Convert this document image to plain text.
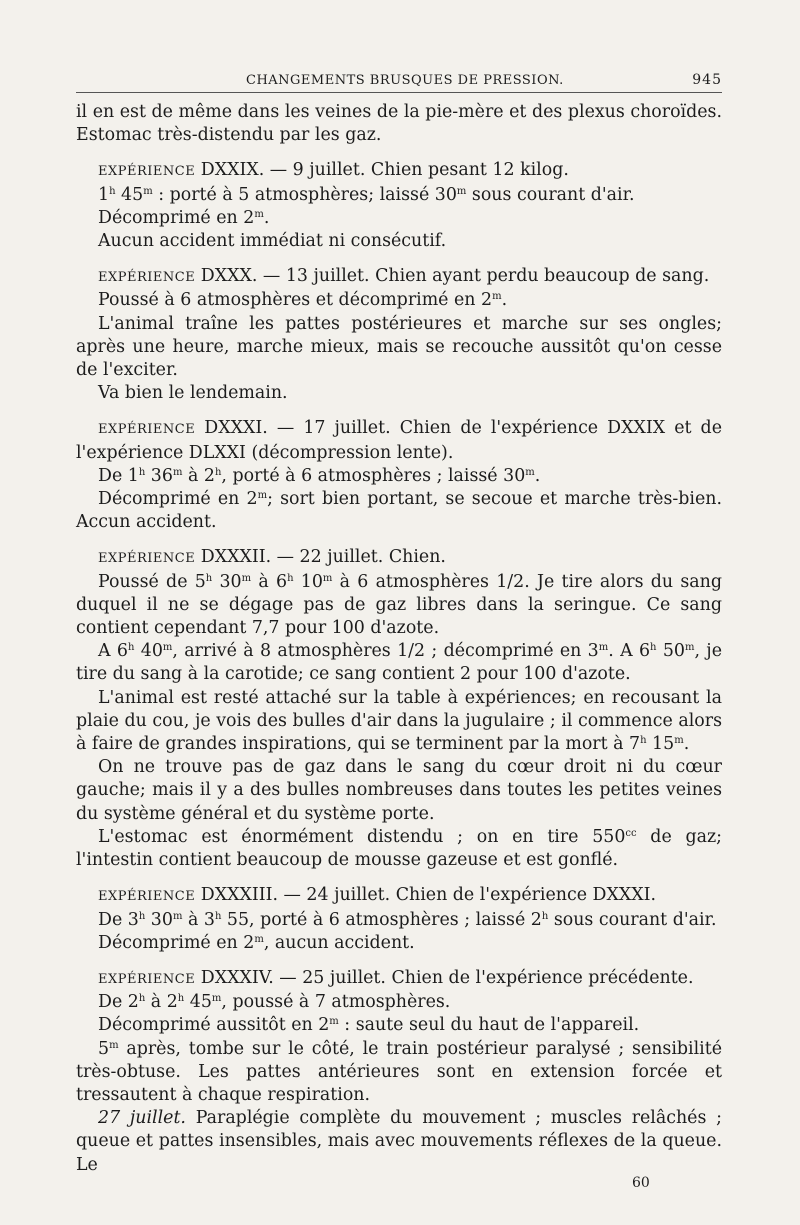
CHANGEMENTS BRUSQUES DE PRESSION.	945

il en est de même dans les veines de la pie-mère et des plexus choroïdes. Estomac très-distendu par les gaz.

EXPÉRIENCE DXXIX. — 9 juillet. Chien pesant 12 kilog.

1$^h$ 45$^m$ : porté à 5 atmosphères; laissé 30$^m$ sous courant d'air.

Décomprimé en 2$^m$.

Aucun accident immédiat ni consécutif.

EXPÉRIENCE DXXX. — 13 juillet. Chien ayant perdu beaucoup de sang.

Poussé à 6 atmosphères et décomprimé en 2$^m$.

L'animal traîne les pattes postérieures et marche sur ses ongles; après une heure, marche mieux, mais se recouche aussitôt qu'on cesse de l'exciter.

Va bien le lendemain.

EXPÉRIENCE DXXXI. — 17 juillet. Chien de l'expérience DXXIX et de l'expérience DLXXI (décompression lente).

De 1$^h$ 36$^m$ à 2$^h$, porté à 6 atmosphères ; laissé 30$^m$.

Décomprimé en 2$^m$; sort bien portant, se secoue et marche très-bien. Accun accident.

EXPÉRIENCE DXXXII. — 22 juillet. Chien.

Poussé de 5$^h$ 30$^m$ à 6$^h$ 10$^m$ à 6 atmosphères 1/2. Je tire alors du sang duquel il ne se dégage pas de gaz libres dans la seringue. Ce sang contient cependant 7,7 pour 100 d'azote.

A 6$^h$ 40$^m$, arrivé à 8 atmosphères 1/2 ; décomprimé en 3$^m$. A 6$^h$ 50$^m$, je tire du sang à la carotide; ce sang contient 2 pour 100 d'azote.

L'animal est resté attaché sur la table à expériences; en recousant la plaie du cou, je vois des bulles d'air dans la jugulaire ; il commence alors à faire de grandes inspirations, qui se terminent par la mort à 7$^h$ 15$^m$.

On ne trouve pas de gaz dans le sang du cœur droit ni du cœur gauche; mais il y a des bulles nombreuses dans toutes les petites veines du système général et du système porte.

L'estomac est énormément distendu ; on en tire $550^{cc}$ de gaz; l'intestin contient beaucoup de mousse gazeuse et est gonflé.

EXPÉRIENCE DXXXIII. — 24 juillet. Chien de l'expérience DXXXI.

De 3$^h$ 30$^m$ à 3$^h$ 55, porté à 6 atmosphères ; laissé 2$^h$ sous courant d'air.

Décomprimé en 2$^m$, aucun accident.

EXPÉRIENCE DXXXIV. — 25 juillet. Chien de l'expérience précédente.

De 2$^h$ à 2$^h$ 45$^m$, poussé à 7 atmosphères.

Décomprimé aussitôt en 2$^m$ : saute seul du haut de l'appareil.

5$^m$ après, tombe sur le côté, le train postérieur paralysé ; sensibilité très-obtuse. Les pattes antérieures sont en extension forcée et tressautent à chaque respiration.

27 juillet. Paraplégie complète du mouvement ; muscles relâchés ; queue et pattes insensibles, mais avec mouvements réflexes de la queue. Le

60
